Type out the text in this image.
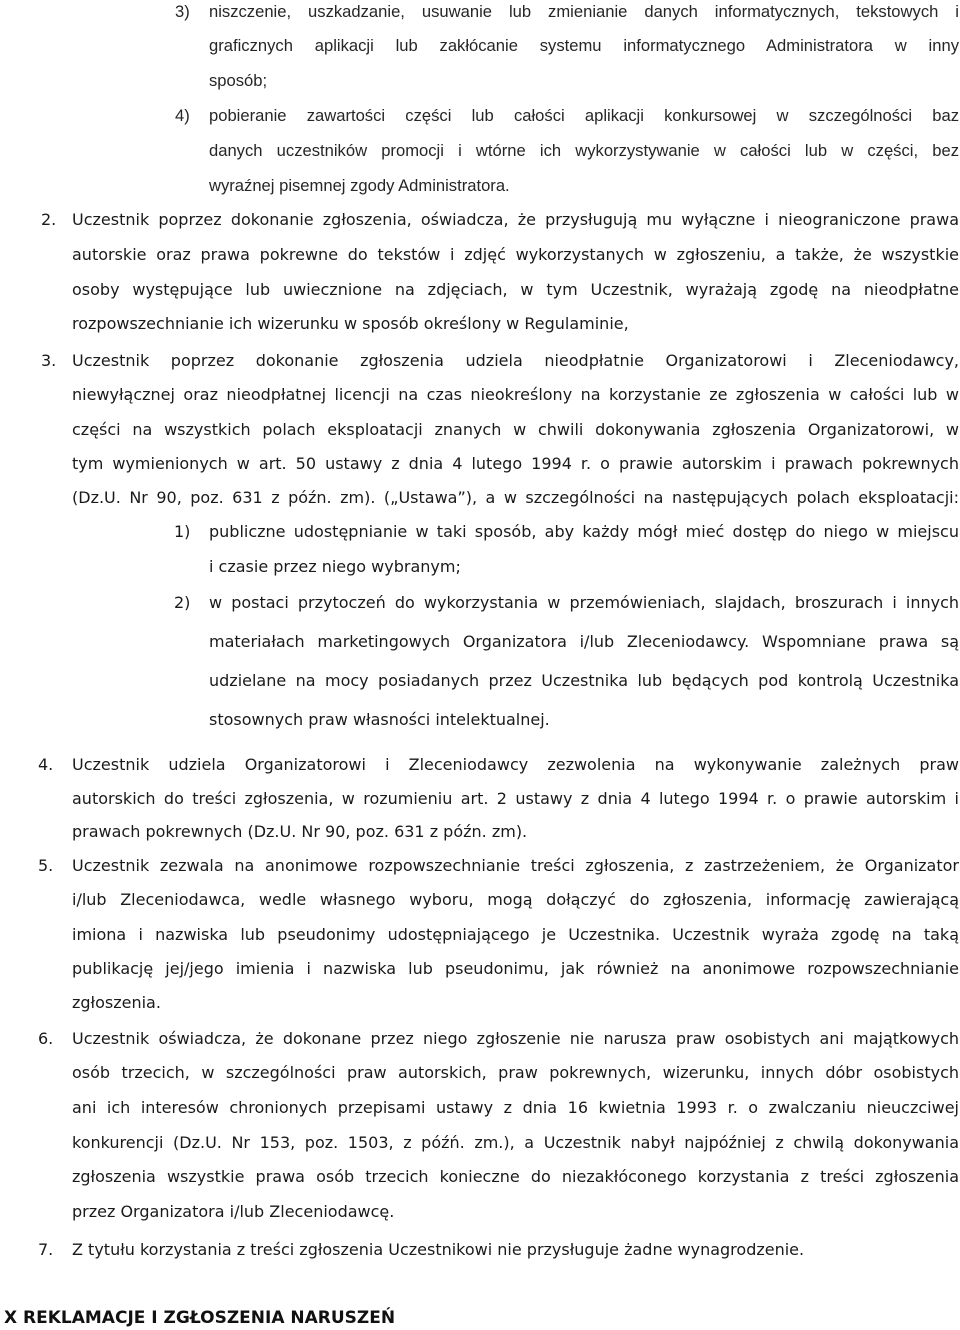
3) niszczenie, uszkadzanie, usuwanie lub zmienianie danych informatycznych, tekstowych i
graficznych aplikacji lub zakłócanie systemu informatycznego Administratora w inny
sposób;
4) pobieranie zawartości części lub całości aplikacji konkursowej w szczególności baz
danych uczestników promocji i wtórne ich wykorzystywanie w całości lub w części, bez
wyraźnej pisemnej zgody Administratora.
2. Uczestnik poprzez dokonanie zgłoszenia, oświadcza, że przysługują mu wyłączne i nieograniczone prawa
autorskie oraz prawa pokrewne do tekstów i zdjęć wykorzystanych w zgłoszeniu, a także, że wszystkie
osoby występujące lub uwiecznione na zdjęciach, w tym Uczestnik, wyrażają zgodę na nieodpłatne
rozpowszechnianie ich wizerunku w sposób określony w Regulaminie,
3. Uczestnik poprzez dokonanie zgłoszenia udziela nieodpłatnie Organizatorowi i Zleceniodawcy,
niewyłącznej oraz nieodpłatnej licencji na czas nieokreślony na korzystanie ze zgłoszenia w całości lub w
części na wszystkich polach eksploatacji znanych w chwili dokonywania zgłoszenia Organizatorowi, w
tym wymienionych w art. 50 ustawy z dnia 4 lutego 1994 r. o prawie autorskim i prawach pokrewnych
(Dz.U. Nr 90, poz. 631 z późn. zm). („Ustawa”), a w szczególności na następujących polach eksploatacji:
1) publiczne udostępnianie w taki sposób, aby każdy mógł mieć dostęp do niego w miejscu
i czasie przez niego wybranym;
2) w postaci przytoczeń do wykorzystania w przemówieniach, slajdach, broszurach i innych
materiałach marketingowych Organizatora i/lub Zleceniodawcy. Wspomniane prawa są
udzielane na mocy posiadanych przez Uczestnika lub będących pod kontrolą Uczestnika
stosownych praw własności intelektualnej.
4. Uczestnik udziela Organizatorowi i Zleceniodawcy zezwolenia na wykonywanie zależnych praw
autorskich do treści zgłoszenia, w rozumieniu art. 2 ustawy z dnia 4 lutego 1994 r. o prawie autorskim i
prawach pokrewnych (Dz.U. Nr 90, poz. 631 z późn. zm).
5. Uczestnik zezwala na anonimowe rozpowszechnianie treści zgłoszenia, z zastrzeżeniem, że Organizator
i/lub Zleceniodawca, wedle własnego wyboru, mogą dołączyć do zgłoszenia, informację zawierającą
imiona i nazwiska lub pseudonimy udostępniającego je Uczestnika. Uczestnik wyraża zgodę na taką
publikację jej/jego imienia i nazwiska lub pseudonimu, jak również na anonimowe rozpowszechnianie
zgłoszenia.
6. Uczestnik oświadcza, że dokonane przez niego zgłoszenie nie narusza praw osobistych ani majątkowych
osób trzecich, w szczególności praw autorskich, praw pokrewnych, wizerunku, innych dóbr osobistych
ani ich interesów chronionych przepisami ustawy z dnia 16 kwietnia 1993 r. o zwalczaniu nieuczciwej
konkurencji (Dz.U. Nr 153, poz. 1503, z późń. zm.), a Uczestnik nabył najpóźniej z chwilą dokonywania
zgłoszenia wszystkie prawa osób trzecich konieczne do niezakłóconego korzystania z treści zgłoszenia
przez Organizatora i/lub Zleceniodawcę.
7. Z tytułu korzystania z treści zgłoszenia Uczestnikowi nie przysługuje żadne wynagrodzenie.
X REKLAMACJE I ZGŁOSZENIA NARUSZEŃ
